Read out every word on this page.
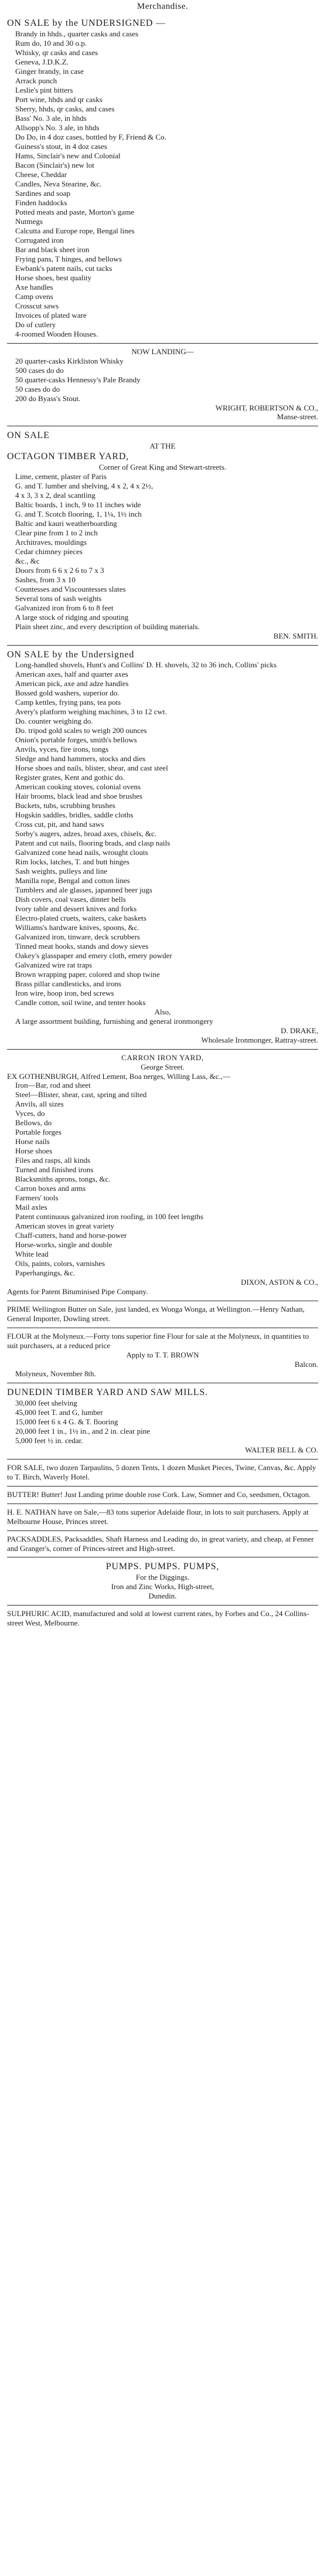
Merchandise.
ON SALE by the UNDERSIGNED —
Brandy in hhds., quarter casks and cases
Rum do, 10 and 30 o.p.
Whisky, qr casks and cases
Geneva, J.D.K.Z.
Ginger brandy, in case
Arrack punch
Leslie's pint bitters
Port wine, hhds and qr casks
Sherry, hhds, qr casks, and cases
Bass' No. 3 ale, in hhds
Allsopp's No. 3 ale, in hhds
Do Do, in 4 doz cases, bottled by F, Friend & Co.
Guiness's stout, in 4 doz cases
Hams, Sinclair's new and Colonial
Bacon (Sinclair's) new lot
Cheese, Cheddar
Candles, Neva Stearine, &c.
Sardines and soap
Finden haddocks
Potted meats and paste, Morton's game
Nutmegs
Calcutta and Europe rope, Bengal lines
Corrugated iron
Bar and black sheet iron
Frying pans, T hinges, and bellows
Ewbank's patent nails, cut tacks
Horse shoes, best quality
Axe handles
Camp ovens
Crosscut saws
Invoices of plated ware
Do of cutlery
4-roomed Wooden Houses.
NOW LANDING—
20 quarter-casks Kirkliston Whisky
500 cases do do
50 quarter-casks Hennessy's Pale Brandy
50 cases do do
200 do Byass's Stout.
WRIGHT, ROBERTSON & CO.,
Manse-street.
ON SALE
AT THE
OCTAGON TIMBER YARD,
Corner of Great King and Stewart-streets.
Lime, cement, plaster of Paris
G. and T. lumber and shelving, 4 x 2, 4 x 2½,
4 x 3, 3 x 2, deal scantling
Baltic boards, 1 inch, 9 to 11 inches wide
G. and T. Scotch flooring, 1, 1¼, 1½ inch
Baltic and kauri weatherboarding
Clear pine from 1 to 2 inch
Architraves, mouldings
Cedar chimney pieces
&c., &c
Doors from 6 6 x 2 6 to 7 x 3
Sashes, from 3 x 10
Countesses and Viscountesses slates
Several tons of sash weights
Galvanized iron from 6 to 8 feet
A large stock of ridging and spouting
Plain sheet zinc, and every description of building materials.
BEN. SMITH.
ON SALE by the Undersigned
Long-handled shovels, Hunt's and Collins' D. H. shovels, 32 to 36 inch, Collins' picks
American axes, half and quarter axes
American pick, axe and adze handles
Bossed gold washers, superior do.
Camp kettles, frying pans, tea pots
Avery's platform weighing machines, 3 to 12 cwt.
Do. counter weighing do.
Do. tripod gold scales to weigh 200 ounces
Onion's portable forges, smith's bellows
Anvils, vyces, fire irons, tongs
Sledge and hand hammers, stocks and dies
Horse shoes and nails, blister, shear, and cast steel
Register grates, Kent and gothic do.
American cooking stoves, colonial ovens
Hair brooms, black lead and shoe brushes
Buckets, tubs, scrubbing brushes
Hogskin saddles, bridles, saddle cloths
Cross cut, pit, and hand saws
Sorby's augers, adzes, broad axes, chisels, &c.
Patent and cut nails, flooring brads, and clasp nails
Galvanized cone head nails, wrought clouts
Rim locks, latches, T. and butt hinges
Sash weights, pulleys and line
Manilla rope, Bengal and cotton lines
Tumblers and ale glasses, japanned beer jugs
Dish covers, coal vases, dinner bells
Ivory table and dessert knives and forks
Electro-plated cruets, waiters, cake baskets
Williams's hardware knives, spoons, &c.
Galvanized iron, tinware, deck scrubbers
Tinned meat hooks, stands and dowy sieves
Oakey's glasspaper and emery cloth, emery powder
Galvanized wire rat traps
Brown wrapping paper, colored and shop twine
Brass pillar candlesticks, and irons
Iron wire, hoop iron, bed screws
Candle cotton, soil twine, and tenter hooks
Also,
A large assortment building, furnishing and general ironmongery
D. DRAKE,
Wholesale Ironmonger, Rattray-street.
CARRON IRON YARD,
George Street.
EX GOTHENBURGH, Alfred Lement, Boa nerges, Willing Lass, &c.,—
Iron—Bar, rod and sheet
Steel—Blister, shear, cast, spring and tilted
Anvils, all sizes
Vyces, do
Bellows, do
Portable forges
Horse nails
Horse shoes
Files and rasps, all kinds
Turned and finished irons
Blacksmiths aprons, tongs, &c.
Carron boxes and arms
Farmers' tools
Mail axles
Patent continuous galvanized iron roofing, in 100 feet lengths
American stoves in great variety
Chaff-cutters, hand and horse-power
Horse-works, single and double
White lead
Oils, paints, colors, varnishes
Paperhangings, &c.
DIXON, ASTON & CO.,
Agents for Patent Bituminised Pipe Company.
PRIME Wellington Butter on Sale, just landed, ex Wonga Wonga, at Wellington.—Henry Nathan, General Importer, Dowling street.
FLOUR at the Molyneux.—Forty tons superior fine Flour for sale at the Molyneux, in quantities to suit purchasers, at a reduced price
Apply to T. T. BROWN
Balcon.
Molyneux, November 8th.
DUNEDIN TIMBER YARD AND SAW MILLS.
30,000 feet shelving
45,000 feet T. and G, lumber
15,000 feet 6 x 4 G. & T. flooring
20,000 feet 1 in., 1½ in., and 2 in. clear pine
5,000 feet ½ in. cedar.
WALTER BELL & CO.
FOR SALE, two dozen Tarpaulins, 5 dozen Tents, 1 dozen Musket Pieces, Twine, Canvas, &c. Apply to T. Birch, Waverly Hotel.
BUTTER! Butter! Just Landing prime double rose Cork. Law, Somner and Co, seedsmen, Octagon.
H. E. NATHAN have on Sale,—83 tons superior Adelaide flour, in lots to suit purchasers. Apply at Melbourne House, Princes street.
PACKSADDLES, Packsaddles, Shaft Harness and Leading do, in great variety, and cheap, at Fenner and Granger's, corner of Princes-street and High-street.
PUMPS. PUMPS. PUMPS,
For the Diggings.
Iron and Zinc Works, High-street,
Dunedin.
SULPHURIC ACID, manufactured and sold at lowest current rates, by Forbes and Co., 24 Collins-street West, Melbourne.
